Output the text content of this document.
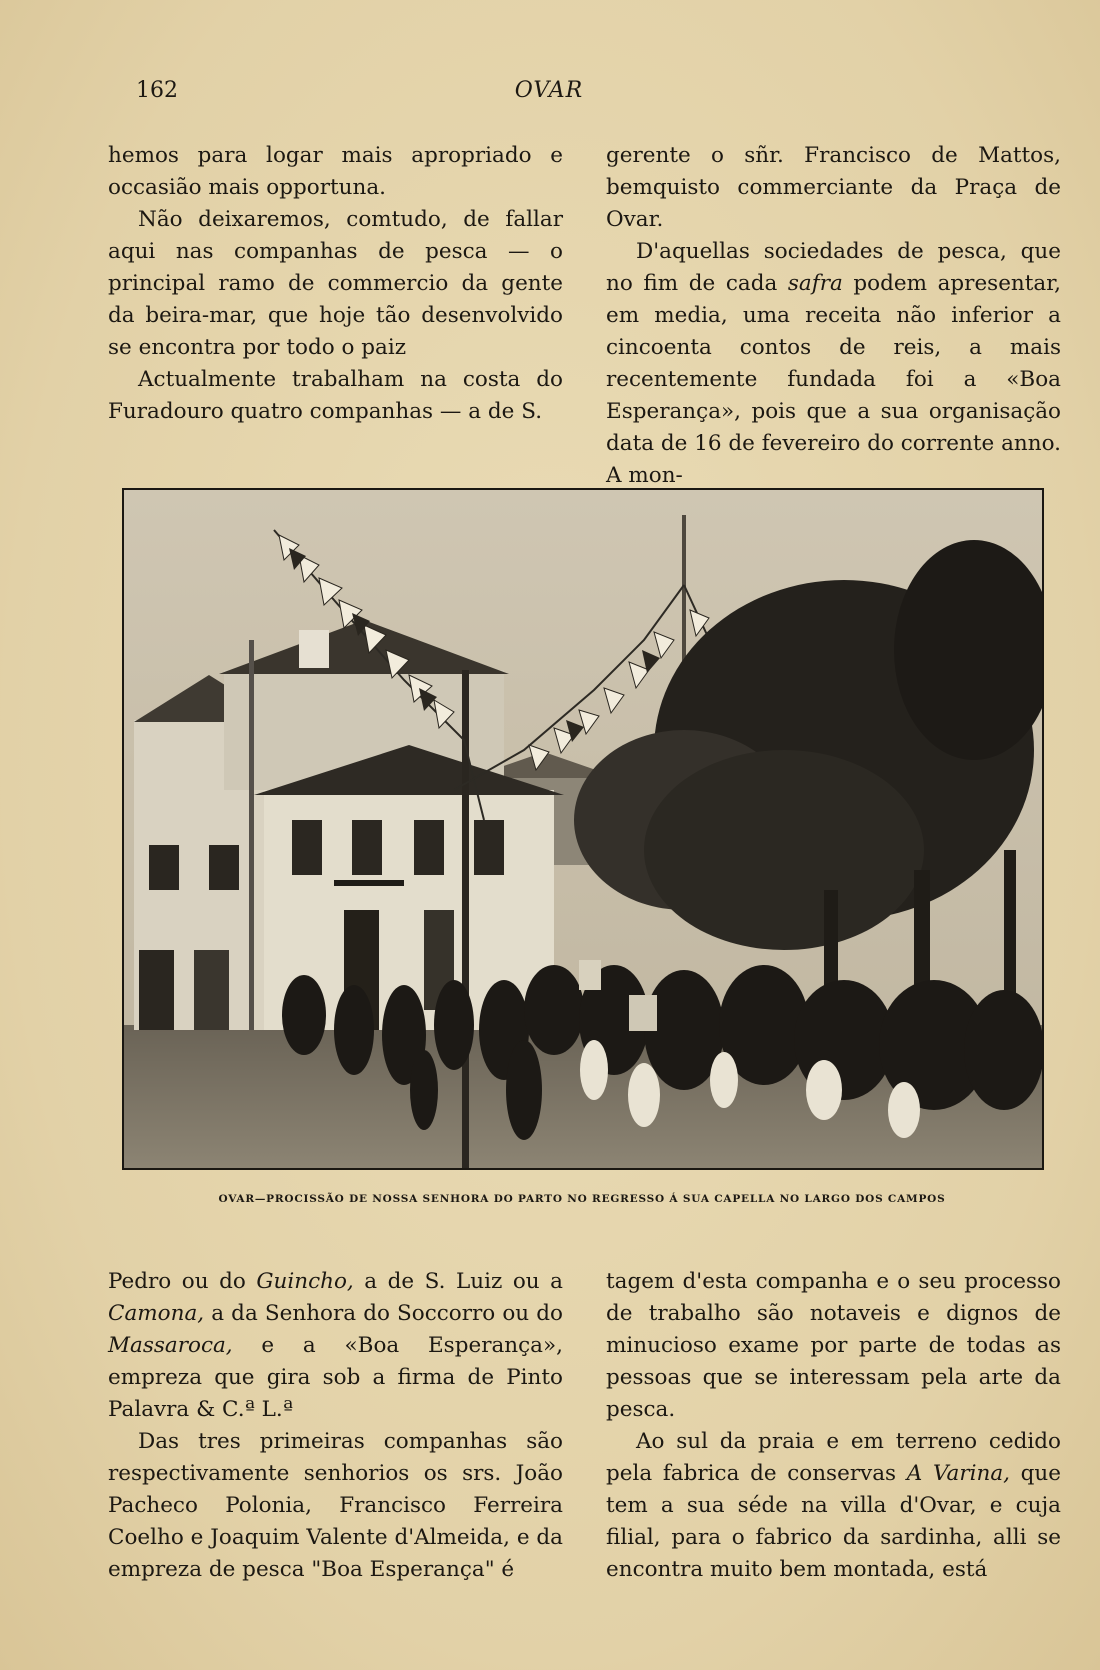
162	OVAR

hemos para logar mais apropriado e occasião mais opportuna.

Não deixaremos, comtudo, de fallar aqui nas companhas de pesca — o principal ramo de commercio da gente da beira-mar, que hoje tão desenvolvido se encontra por todo o paiz

Actualmente trabalham na costa do Furadouro quatro companhas — a de S.

gerente o sñr. Francisco de Mattos, bemquisto commerciante da Praça de Ovar.

D'aquellas sociedades de pesca, que no fim de cada safra podem apresentar, em media, uma receita não inferior a cincoenta contos de reis, a mais recentemente fundada foi a «Boa Esperança», pois que a sua organisação data de 16 de fevereiro do corrente anno. A mon-

OVAR—PROCISSÃO DE NOSSA SENHORA DO PARTO NO REGRESSO Á SUA CAPELLA NO LARGO DOS CAMPOS

Pedro ou do Guincho, a de S. Luiz ou a Camona, a da Senhora do Soccorro ou do Massaroca, e a «Boa Esperança», empreza que gira sob a firma de Pinto Palavra & C.ª L.ª

Das tres primeiras companhas são respectivamente senhorios os srs. João Pacheco Polonia, Francisco Ferreira Coelho e Joaquim Valente d'Almeida, e da empreza de pesca "Boa Esperança" é

tagem d'esta companha e o seu processo de trabalho são notaveis e dignos de minucioso exame por parte de todas as pessoas que se interessam pela arte da pesca.

Ao sul da praia e em terreno cedido pela fabrica de conservas A Varina, que tem a sua séde na villa d'Ovar, e cuja filial, para o fabrico da sardinha, alli se encontra muito bem montada, está
